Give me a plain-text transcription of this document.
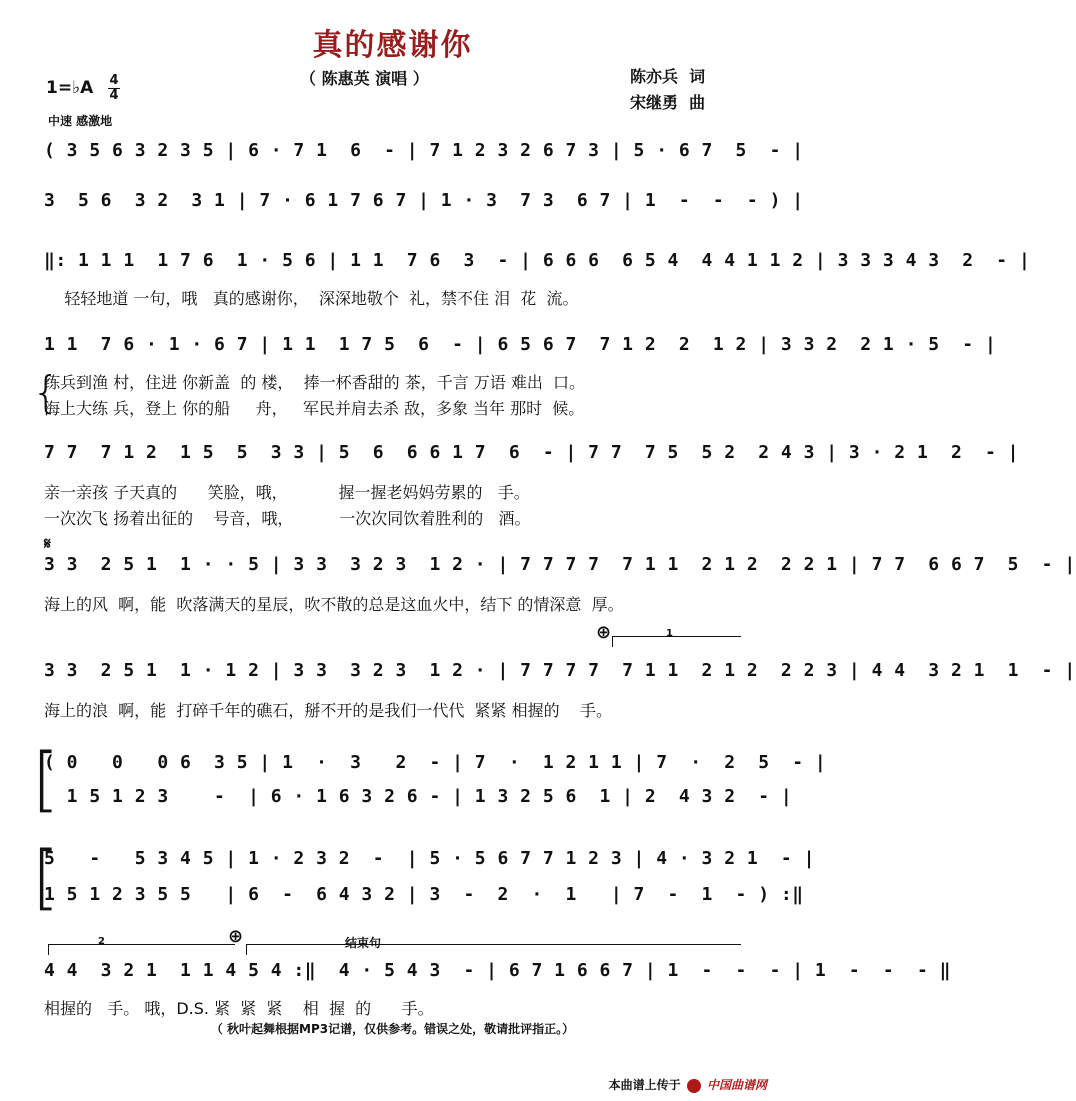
真的感谢你
（ 陈惠英 演唱 ）	陈亦兵  词
宋继勇  曲
1=♭A 4
4
中速 感激地
( 3 5 6 3 2 3 5 | 6 · 7 1  6  - | 7 1 2 3 2 6 7 3 | 5 · 6 7  5  - |
3  5 6  3 2  3 1 | 7 · 6 1 7 6 7 | 1 · 3  7 3  6 7 | 1  -  -  - ) |
‖: 1 1 1  1 7 6  1 · 5 6 | 1 1  7 6  3  - | 6 6 6  6 5 4  4 4 1 1 2 | 3 3 3 4 3  2  - |
轻轻地道 一句，哦   真的感谢你，  深深地敬个  礼，禁不住 泪  花  流。
1 1  7 6 · 1 · 6 7 | 1 1  1 7 5  6  - | 6 5 6 7  7 1 2  2  1 2 | 3 3 2  2 1 · 5  - |
{
练兵到渔 村，住进 你新盖  的 楼，  捧一杯香甜的 茶，千言 万语 难出  口。
海上大练 兵，登上 你的船     舟，   军民并肩去杀 敌，多象 当年 那时  候。
7 7  7 1 2  1 5  5  3 3 | 5  6  6 6 1 7  6  - | 7 7  7 5  5 2  2 4 3 | 3 · 2 1  2  - |
亲一亲孩 子天真的      笑脸，哦，          握一握老妈妈劳累的   手。
一次次飞 扬着出征的    号音，哦，         一次次同饮着胜利的   酒。
𝄋
3 3  2 5 1  1 · · 5 | 3 3  3 2 3  1 2 · | 7 7 7 7  7 1 1  2 1 2  2 2 1 | 7 7  6 6 7  5  - |
海上的风  啊，能  吹落满天的星辰，吹不散的总是这血火中，结下 的情深意  厚。
⊕	1
3 3  2 5 1  1 · 1 2 | 3 3  3 2 3  1 2 · | 7 7 7 7  7 1 1  2 1 2  2 2 3 | 4 4  3 2 1  1  - |
海上的浪  啊，能  打碎千年的礁石，掰不开的是我们一代代  紧紧 相握的    手。
[
( 0   0   0 6  3 5 | 1  ·  3   2  - | 7  ·  1 2 1 1 | 7  ·  2  5  - |
1 5 1 2 3    -  | 6 · 1 6 3 2 6 - | 1 3 2 5 6  1 | 2  4 3 2  - |
[
5   -   5 3 4 5 | 1 · 2 3 2  -  | 5 · 5 6 7 7 1 2 3 | 4 · 3 2 1  - |
1 5 1 2 3 5 5   | 6  -  6 4 3 2 | 3  -  2  ·  1   | 7  -  1  - ) :‖
2	⊕	结束句
4 4  3 2 1  1 1 4 5 4 :‖  4 · 5 4 3  - | 6 7 1 6 6 7 | 1  -  -  - | 1  -  -  - ‖
相握的   手。 哦，D.S. 紧  紧  紧    相  握  的      手。
（ 秋叶起舞根据MP3记谱，仅供参考。错误之处，敬请批评指正。）
本曲谱上传于 中国曲谱网
